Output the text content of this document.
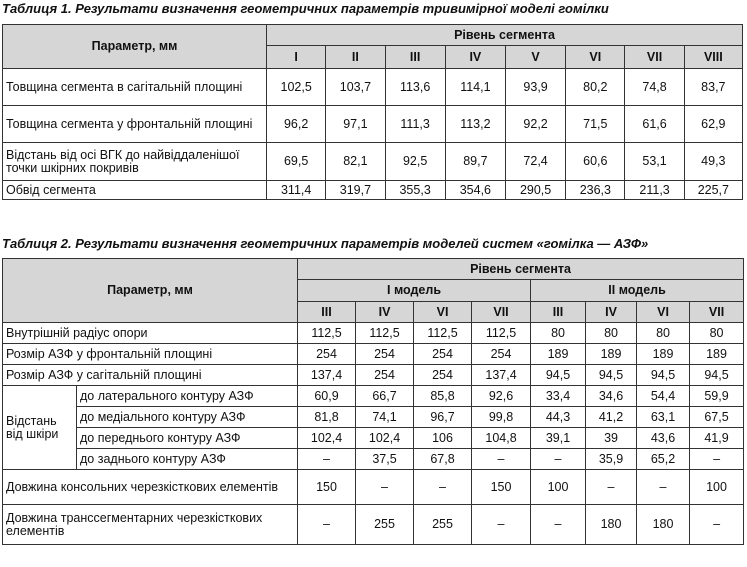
Таблиця 1. Результати визначення геометричних параметрів тривимірної моделі гомілки
Параметр, мм	Рівень сегмента							
	I	II	III	IV	V	VI	VII	VIII
Товщина сегмента в сагітальній площині	102,5	103,7	113,6	114,1	93,9	80,2	74,8	83,7
Товщина сегмента у фронтальній площині	96,2	97,1	111,3	113,2	92,2	71,5	61,6	62,9
Відстань від осі ВГК до найвіддаленішої точки шкірних покривів	69,5	82,1	92,5	89,7	72,4	60,6	53,1	49,3
Обвід сегмента	311,4	319,7	355,3	354,6	290,5	236,3	211,3	225,7
Таблиця 2. Результати визначення геометричних параметрів моделей систем «гомілка — АЗФ»
Параметр, мм		Рівень сегмента							
		I модель				II модель			
		III	IV	VI	VII	III	IV	VI	VII
Внутрішній радіус опори		112,5	112,5	112,5	112,5	80	80	80	80
Розмір АЗФ у фронтальній площині		254	254	254	254	189	189	189	189
Розмір АЗФ у сагітальній площині		137,4	254	254	137,4	94,5	94,5	94,5	94,5
Відстань від шкіри	до латерального контуру АЗФ	60,9	66,7	85,8	92,6	33,4	34,6	54,4	59,9
	до медіального контуру АЗФ	81,8	74,1	96,7	99,8	44,3	41,2	63,1	67,5
	до переднього контуру АЗФ	102,4	102,4	106	104,8	39,1	39	43,6	41,9
	до заднього контуру АЗФ	–	37,5	67,8	–	–	35,9	65,2	–
Довжина консольних черезкісткових елементів		150	–	–	150	100	–	–	100
Довжина транссегментарних черезкісткових елементів		–	255	255	–	–	180	180	–
